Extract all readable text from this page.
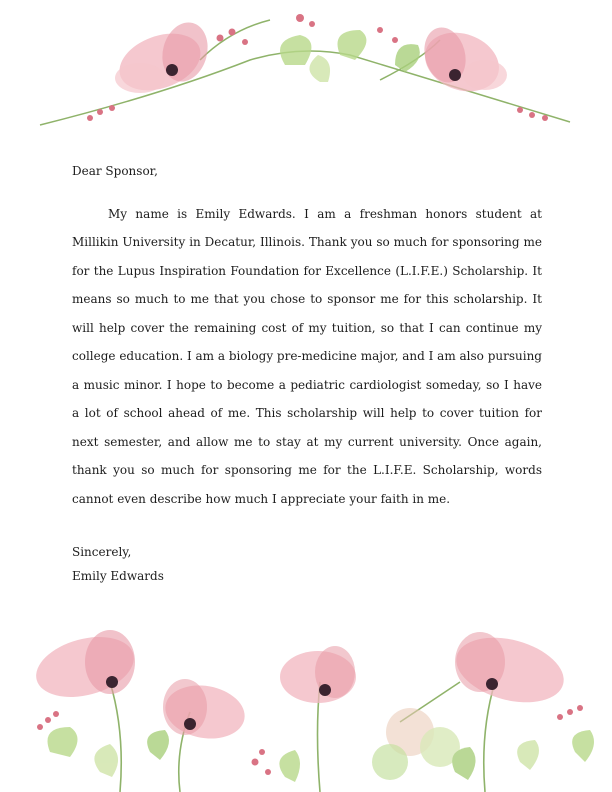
Dear Sponsor,

My name is Emily Edwards. I am a freshman honors student at Millikin University in Decatur, Illinois. Thank you so much for sponsoring me for the Lupus Inspiration Foundation for Excellence (L.I.F.E.) Scholarship. It means so much to me that you chose to sponsor me for this scholarship. It will help cover the remaining cost of my tuition, so that I can continue my college education. I am a biology pre-medicine major, and I am also pursuing a music minor. I hope to become a pediatric cardiologist someday, so I have a lot of school ahead of me. This scholarship will help to cover tuition for next semester, and allow me to stay at my current university. Once again, thank you so much for sponsoring me for the L.I.F.E. Scholarship, words cannot even describe how much I appreciate your faith in me.

Sincerely,
Emily Edwards
